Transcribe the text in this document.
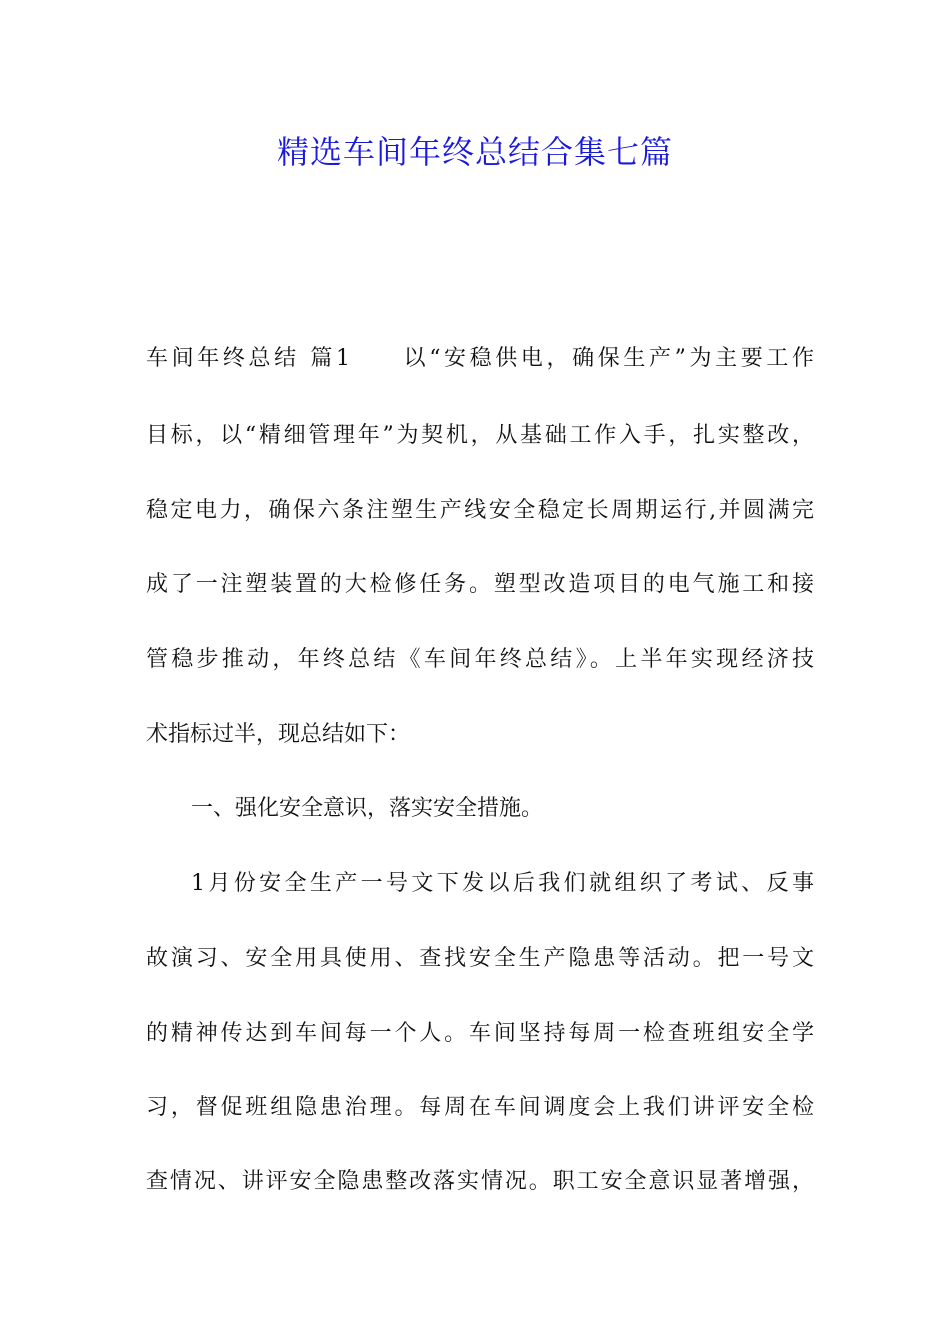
精选车间年终总结合集七篇
车间年终总结 篇1 以“安稳供电，确保生产”为主要工作
目标，以“精细管理年”为契机，从基础工作入手，扎实整改，
稳定电力，确保六条注塑生产线安全稳定长周期运行,并圆满完
成了一注塑装置的大检修任务。塑型改造项目的电气施工和接
管稳步推动，年终总结《车间年终总结》。上半年实现经济技
术指标过半，现总结如下：
一、强化安全意识，落实安全措施。
1月份安全生产一号文下发以后我们就组织了考试、反事
故演习、安全用具使用、查找安全生产隐患等活动。把一号文
的精神传达到车间每一个人。车间坚持每周一检查班组安全学
习，督促班组隐患治理。每周在车间调度会上我们讲评安全检
查情况、讲评安全隐患整改落实情况。职工安全意识显著增强，
